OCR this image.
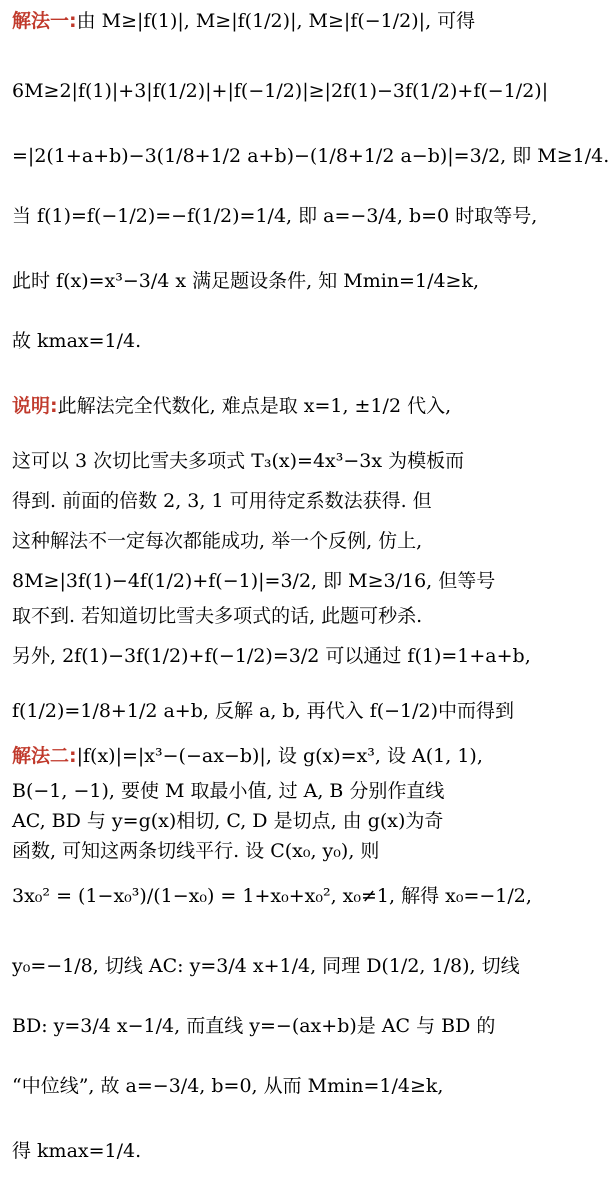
解法一:由 M≥|f(1)|, M≥|f(1/2)|, M≥|f(−1/2)|, 可得
6M≥2|f(1)|+3|f(1/2)|+|f(−1/2)|≥|2f(1)−3f(1/2)+f(−1/2)|
=|2(1+a+b)−3(1/8+1/2 a+b)−(1/8+1/2 a−b)|=3/2, 即 M≥1/4.
当 f(1)=f(−1/2)=−f(1/2)=1/4, 即 a=−3/4, b=0 时取等号,
此时 f(x)=x³−3/4 x 满足题设条件, 知 Mmin=1/4≥k,
故 kmax=1/4.
说明:此解法完全代数化, 难点是取 x=1, ±1/2 代入,
这可以 3 次切比雪夫多项式 T₃(x)=4x³−3x 为模板而
得到. 前面的倍数 2, 3, 1 可用待定系数法获得. 但
这种解法不一定每次都能成功, 举一个反例, 仿上,
8M≥|3f(1)−4f(1/2)+f(−1)|=3/2, 即 M≥3/16, 但等号
取不到. 若知道切比雪夫多项式的话, 此题可秒杀.
另外, 2f(1)−3f(1/2)+f(−1/2)=3/2 可以通过 f(1)=1+a+b,
f(1/2)=1/8+1/2 a+b, 反解 a, b, 再代入 f(−1/2)中而得到
解法二:|f(x)|=|x³−(−ax−b)|, 设 g(x)=x³, 设 A(1, 1),
B(−1, −1), 要使 M 取最小值, 过 A, B 分别作直线
AC, BD 与 y=g(x)相切, C, D 是切点, 由 g(x)为奇
函数, 可知这两条切线平行. 设 C(x₀, y₀), 则
3x₀² = (1−x₀³)/(1−x₀) = 1+x₀+x₀², x₀≠1, 解得 x₀=−1/2,
y₀=−1/8, 切线 AC: y=3/4 x+1/4, 同理 D(1/2, 1/8), 切线
BD: y=3/4 x−1/4, 而直线 y=−(ax+b)是 AC 与 BD 的
“中位线”, 故 a=−3/4, b=0, 从而 Mmin=1/4≥k,
得 kmax=1/4.
